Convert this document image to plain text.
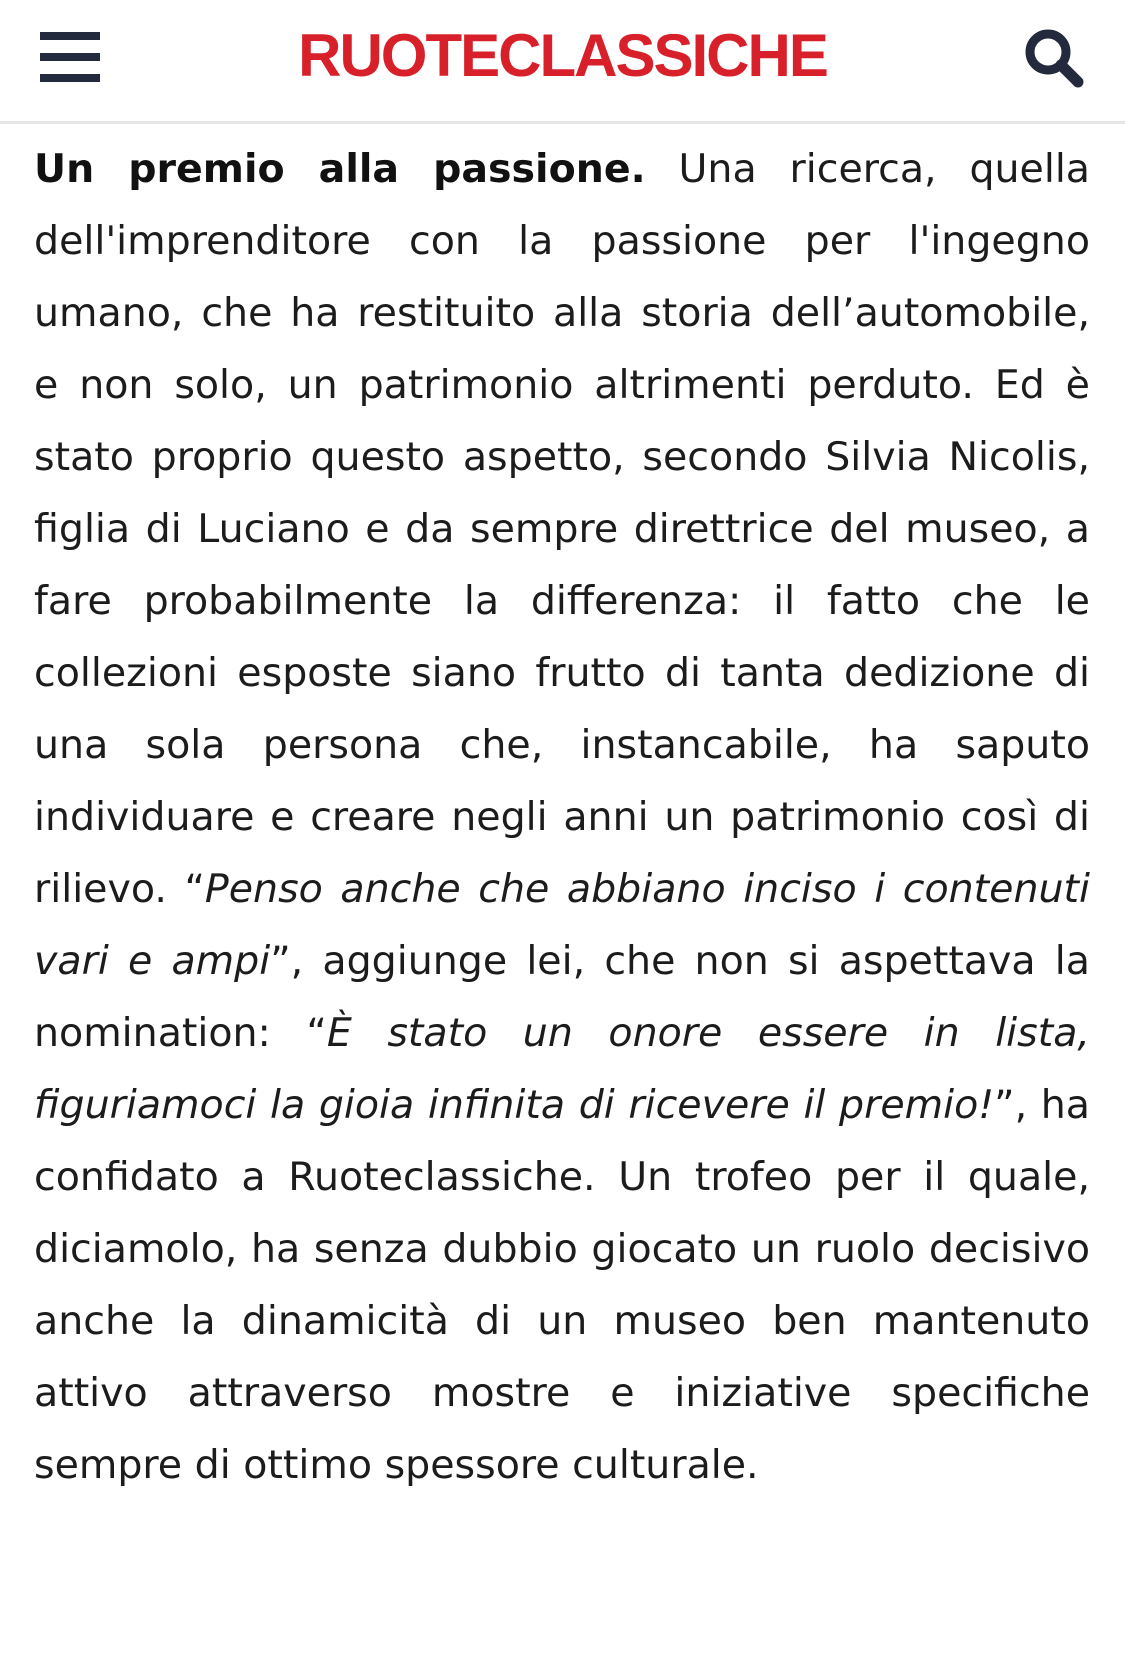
RUOTECLASSICHE

Un premio alla passione. Una ricerca, quella dell'imprenditore con la passione per l'ingegno umano, che ha restituito alla storia dell’automobile, e non solo, un patrimonio altrimenti perduto. Ed è stato proprio questo aspetto, secondo Silvia Nicolis, figlia di Luciano e da sempre direttrice del museo, a fare probabilmente la differenza: il fatto che le collezioni esposte siano frutto di tanta dedizione di una sola persona che, instancabile, ha saputo individuare e creare negli anni un patrimonio così di rilievo. “Penso anche che abbiano inciso i contenuti vari e ampi”, aggiunge lei, che non si aspettava la nomination: “È stato un onore essere in lista, figuriamoci la gioia infinita di ricevere il premio!”, ha confidato a Ruoteclassiche. Un trofeo per il quale, diciamolo, ha senza dubbio giocato un ruolo decisivo anche la dinamicità di un museo ben mantenuto attivo attraverso mostre e iniziative specifiche sempre di ottimo spessore culturale.
